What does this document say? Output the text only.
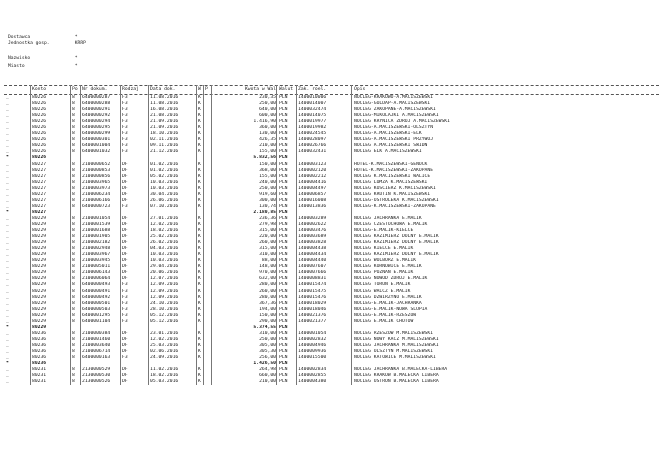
Dostawca	*
Jednostka gosp.	KRRP
Nazwisko	*
Miasto	*
Konto	Po Nr dokum.	Rodzaj Data dok.	W P	Kwota w Wal Walut	Zak. roel.	Opis
_	80226	8	6400000287	F3	11.08.2016	K	230,35 PLN	1400010006	NOCLEG-KRAKOWO-A.MACISZEWSKI
_	80226	8	6400000288	F3	11.08.2016	K	250,00 PLN	1400014007	NOCLEG-GOLDAP-A.MACISZEWSKI
_	80226	8	6400000291	F3	16.08.2016	K	640,00 PLN	1400032474	NOCLEG ZAKOPANE-A.MACISZEWSKI
_	80226	8	6400000292	F3	21.08.2016	K	600,00 PLN	1400014075	NOCLEG-MIKOLAJKI A.MACISZEWSKI
_	80226	8	6400000294	F3	21.09.2016	K	1.416,90 PLN	1400019977	NOCLEG KRYNICA ZDROJ A.MACISZEWSKI
_	80226	8	6400000295	F3	21.09.2016	K	360,00 PLN	1400019982	NOCLEG-A.MACISZEWSKI-OLSZTYN
_	80226	8	6400000299	F3	18.10.2016	K	130,00 PLN	1400024545	NOCLEG-A.MACISZEWSKI-ELK
_	80226	8	6400000301	F3	02.11.2016	K	426,35 PLN	1400028097	NOCLEG-A.MACISZEWSKI PRZYWOJ
_	80226	8	6400001004	F3	09.11.2016	K	210,00 PLN	1400026766	NOCLEG A.MACISZEWSKI SWIDN
_	80226	8	6400001032	F3	21.12.2016	K	155,00 PLN	1400032431	NOCLEG ELK A.MACISZEWSKI
*	80226	5.832,56 PLN
_	80227	8	2100000652	DF	01.02.2016	K	150,00 PLN	1400003123	HOTEL-K.MACISZEWSKI-GENOCK
_	80227	8	2100000853	DF	01.02.2016	K	368,00 PLN	1400002120	HOTEL-K.MACISZEWSKI-ZAKOPANE
_	80227	8	2100000856	DF	05.02.2016	K	155,00 PLN	1400002212	NOCLEG K.MACISZEWSKI WALICE
_	80227	8	2100003965	DF	10.03.2016	K	240,00 PLN	1400004416	NOCLEG LOMZA K.MACISZEWSKI
_	80227	8	2100003973	DF	10.03.2016	K	250,00 PLN	1400004497	NOCLEG KOSCIERZ K.MACISZEWSKI
_	80227	8	2100006234	DF	30.04.2016	K	919,60 PLN	1400006857	NOCLEG KRUTIN K.MACISZEWSKI
_	80227	8	2100006166	DF	26.06.2016	K	300,00 PLN	1400016008	NOCLEG-OSTROLEKA K.MACISZEWSKI
_	80227	8	6400000723	F3	07.10.2016	K	130,74 PLN	1400013836	NOCLEG-K.MACISZEWSKI-ZAKOPANE
*	80227	2.180,85 PLN
_	80229	8	2100001054	DF	27.01.2016	K	236,36 PLN	1400003289	NOCLEG JACHRANKA E.MALIK
_	80229	8	2100001539	DF	12.02.2016	K	279,98 PLN	1400002622	NOCLEG CZESTOCHOWA E.MALIK
_	80229	8	2100001688	DF	18.02.2016	K	315,00 PLN	1400003476	NOCLEG-E.MALIK-KIELCE
_	80229	8	2100001905	DF	25.02.2016	K	220,00 PLN	1400003689	NOCLEG KAZIMIERZ DOLNY E.MALIK
_	80229	8	2100002182	DF	26.02.2016	K	260,00 PLN	1400003828	NOCLEG KAZIMIERZ DOLNY E.MALIK
_	80229	8	2100002948	DF	04.03.2016	K	315,00 PLN	1400004438	NOCLEG KIELCE E.MALIK
_	80229	8	2100003967	DF	10.03.2016	K	310,00 PLN	1400004434	NOCLEG KAZIMIERZ DOLNY E.MALIK
_	80229	8	2100003945	DF	10.03.2016	K	88,00 PLN	1400004440	NOCLEG WOLBORZ E.MALIK
_	80229	8	2100005011	DF	29.04.2016	K	148,00 PLN	1400007607	NOCLEG KORNOWICE E.MALIK
_	80229	8	2100006143	DF	20.06.2016	K	970,00 PLN	1400007666	NOCLEG POZNAN E.MALIK
_	80229	8	2100006064	DF	12.07.2016	K	632,00 PLN	1400008831	NOCLEG NOWOD ZDROJ E.MALIK
_	80229	8	6400000493	F3	12.09.2016	K	280,00 PLN	1400015474	NOCLEG TORUN E.MALIK
_	80229	8	6400000491	F3	12.09.2016	K	260,00 PLN	1400015475	NOCLEG WALCZ E.MALIK
_	80229	8	6400000492	F3	12.09.2016	K	280,00 PLN	1400015476	NOCLEG DZWIRZYNO E.MALIK
_	80229	8	6400000501	F3	24.10.2016	K	367,36 PLN	1400018029	NOCLEG-E.MALIK-JACHRANKA
_	80229	8	6400000503	F3	28.10.2016	K	194,00 PLN	1400018046	NOCLEG-E.MALIK-NOWA SLUPIA
_	80229	8	6400001295	F3	05.12.2016	K	150,00 PLN	1400021376	NOCLEG-E.MALIK-RZESZOW
_	80229	8	6400001104	F3	05.12.2016	K	290,00 PLN	1400021377	NOCLEG E.MALIK CHOTOW
*	80229	5.374,55 PLN
_	80236	8	2100000384	DF	23.01.2016	K	310,00 PLN	1400001054	NOCLEG RZESZOW M.MALISZEWSKI
_	80236	8	2100001460	DF	12.02.2016	K	250,00 PLN	1400002832	NOCLEG NOWY KACZ M.MALISZEWSKI
_	80236	8	2100003640	DF	25.03.2016	K	305,00 PLN	1400004946	NOCLEG JACHRANKA M.MALISZEWSKI
_	80236	8	2100006714	DF	02.06.2016	K	305,30 PLN	1400009936	NOCLEG OLSZTYN M.MALISZEWSKI
_	80236	8	6400000163	F3	24.09.2016	K	256,00 PLN	1400015500	NOCLEG KATOWICE M.MALISZEWSKI
*	80236	1.426,50 PLN
_	80231	8	2130000529	DF	11.02.2016	K	264,98 PLN	1400002834	NOCLEG JACHRANKA B.MALECKA-LIBERA
_	80231	8	2130000530	DF	18.02.2016	K	660,00 PLN	1400002855	NOCLEG KRAKOW B.MALECKA LIBERA
_	80231	8	2130000526	DF	05.03.2016	K	210,00 PLN	1400004380	NOCLEG USTRON B.MALECKA LIBERA
